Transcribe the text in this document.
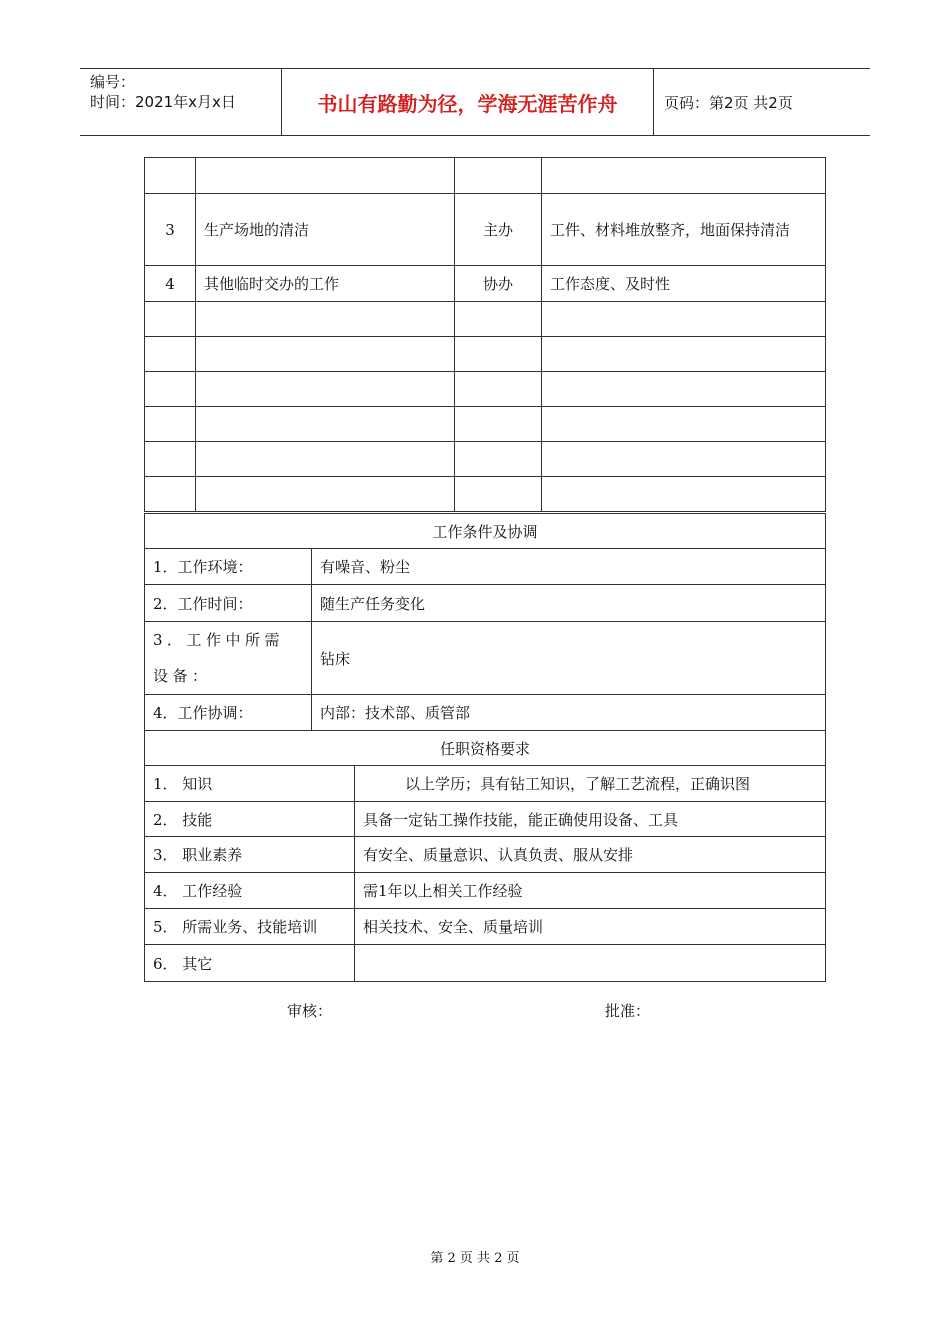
编号：
时间：2021年x月x日	书山有路勤为径，学海无涯苦作舟	页码：第2页 共2页

3	生产场地的清洁	主办	工件、材料堆放整齐，地面保持清洁
4	其他临时交办的工作	协办	工作态度、及时性

工作条件及协调	
1．工作环境：	有噪音、粉尘
2．工作时间：	随生产任务变化
3．工作中所需设备：	钻床
4．工作协调：	内部：技术部、质管部
任职资格要求	
1． 知识	以上学历；具有钻工知识，了解工艺流程，正确识图
2． 技能	具备一定钻工操作技能，能正确使用设备、工具
3． 职业素养	有安全、质量意识、认真负责、服从安排
4． 工作经验	需1年以上相关工作经验
5． 所需业务、技能培训	相关技术、安全、质量培训
6． 其它	
审核：	批准：
第 2 页 共 2 页
